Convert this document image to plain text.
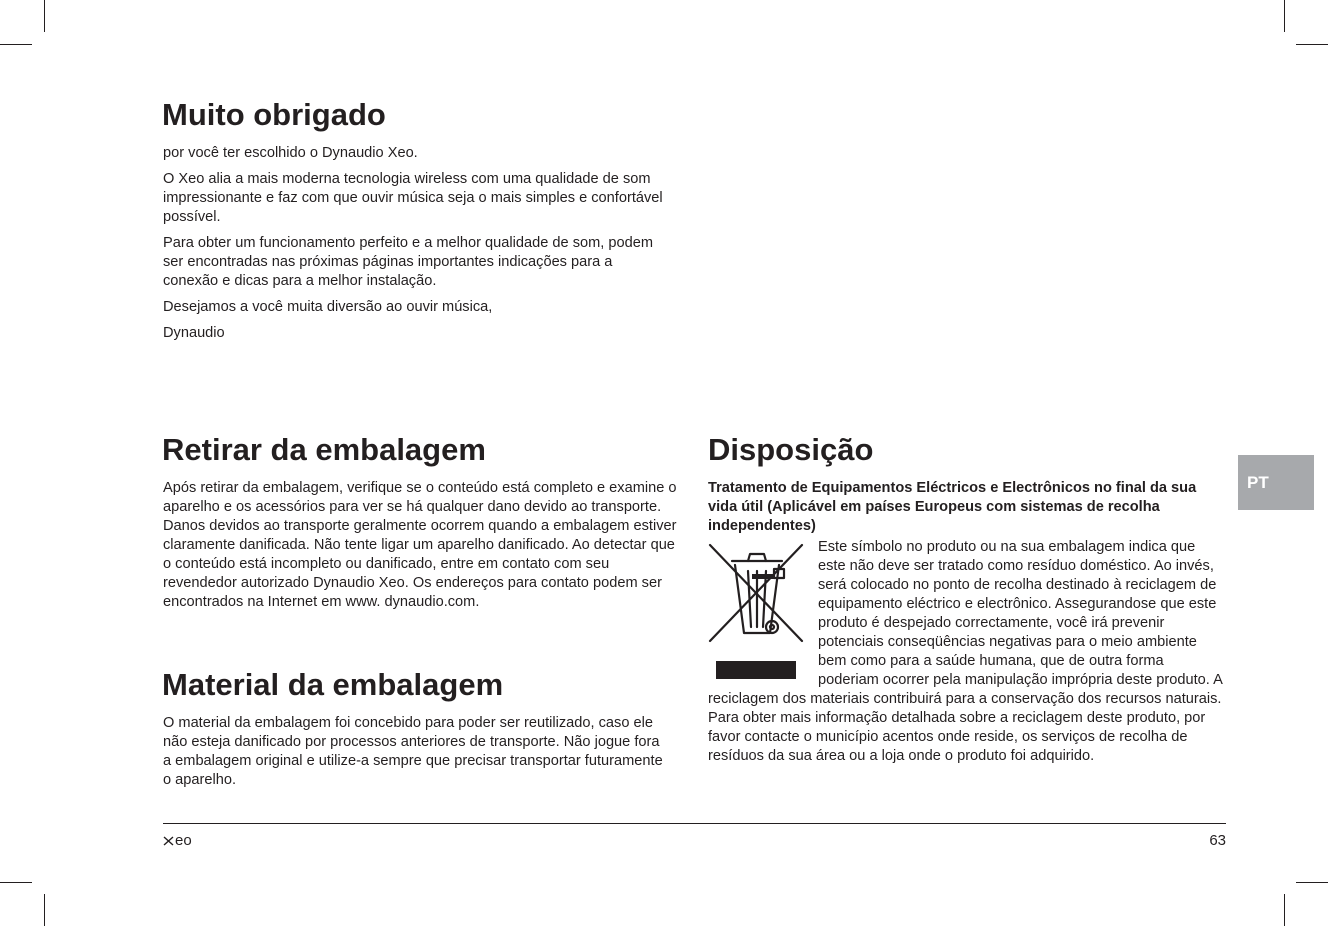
Muito obrigado

por você ter escolhido o Dynaudio Xeo.

O Xeo alia a mais moderna tecnologia wireless com uma qualidade de som impressionante e faz com que ouvir música seja o mais simples e confortável possível.

Para obter um funcionamento perfeito e a melhor qualidade de som, podem ser encontradas nas próximas páginas importantes indicações para a conexão e dicas para a melhor instalação.

Desejamos a você muita diversão ao ouvir música,

Dynaudio

Retirar da embalagem

Após retirar da embalagem, verifique se o conteúdo está completo e examine o aparelho e os acessórios para ver se há qualquer dano devido ao transporte. Danos devidos ao transporte geralmente ocorrem quando a embalagem estiver claramente danificada. Não tente ligar um aparelho danificado. Ao detectar que o conteúdo está incompleto ou danificado, entre em contato com seu revendedor autorizado Dynaudio Xeo. Os endereços para contato podem ser encontrados na Internet em www. dynaudio.com.

Material da embalagem

O material da embalagem foi concebido para poder ser reutilizado, caso ele não esteja danificado por processos anteriores de transporte. Não jogue fora a embalagem original e utilize-a sempre que precisar transportar futuramente o aparelho.

Disposição

Tratamento de Equipamentos Eléctricos e Electrônicos no final da sua vida útil (Aplicável em países Europeus com sistemas de recolha independentes)

Este símbolo no produto ou na sua embalagem indica que este não deve ser tratado como resíduo doméstico. Ao invés, será colocado no ponto de recolha destinado à reciclagem de equipamento eléctrico e electrônico. Assegurandose que este produto é despejado correctamente, você irá prevenir potenciais conseqüências negativas para o meio ambiente bem como para a saúde humana, que de outra forma poderiam ocorrer pela manipulação imprópria deste produto. A reciclagem dos materiais contribuirá para a conservação dos recursos naturais. Para obter mais informação detalhada sobre a reciclagem deste produto, por favor contacte o município acentos onde reside, os serviços de recolha de resíduos da sua área ou a loja onde o produto foi adquirido.

PT
eo	63
